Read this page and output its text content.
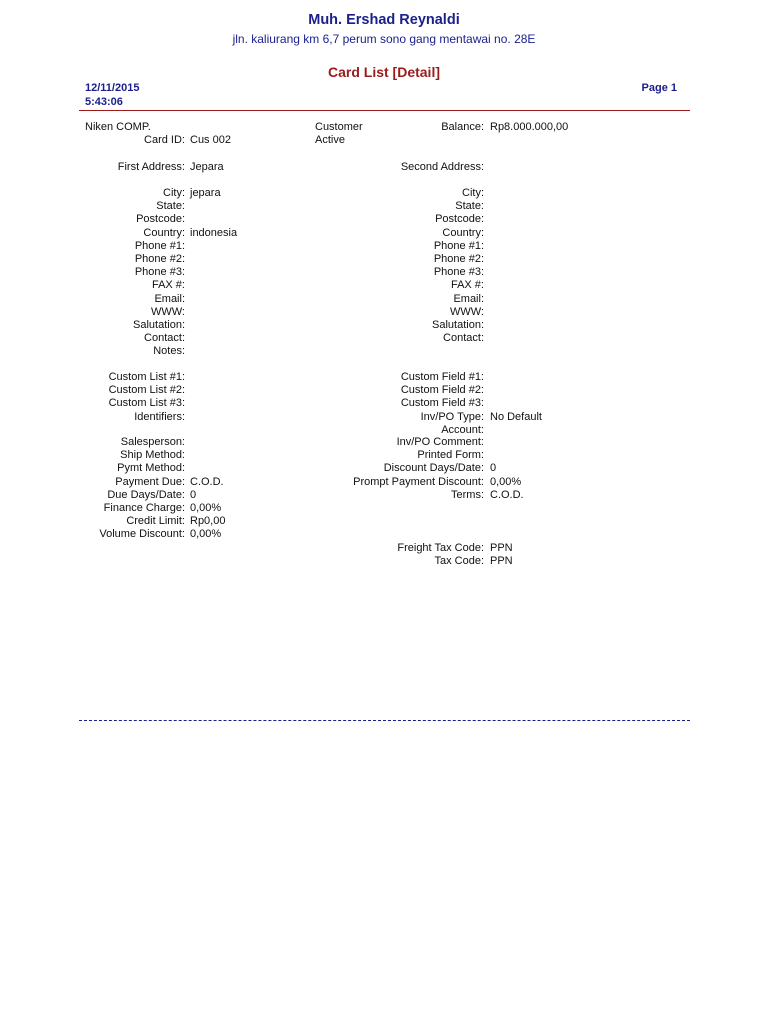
Muh. Ershad Reynaldi
jln. kaliurang km 6,7 perum sono gang mentawai no. 28E
Card List [Detail]
12/11/2015
5:43:06
Page 1
Niken COMP.
Card ID: Cus 002
Customer
Active
Balance: Rp8.000.000,00
First Address: Jepara	Second Address:
City: jepara
State:
Postcode:
Country: indonesia
Phone #1:
Phone #2:
Phone #3:
FAX #:
Email:
WWW:
Salutation:
Contact:
Notes:
City:
State:
Postcode:
Country:
Phone #1:
Phone #2:
Phone #3:
FAX #:
Email:
WWW:
Salutation:
Contact:
Custom List #1:
Custom List #2:
Custom List #3:
Identifiers:
Custom Field #1:
Custom Field #2:
Custom Field #3:
Inv/PO Type: No Default
Account:
Salesperson:
Ship Method:
Pymt Method:
Payment Due: C.O.D.
Due Days/Date: 0
Finance Charge: 0,00%
Credit Limit: Rp0,00
Volume Discount: 0,00%
Inv/PO Comment:
Printed Form:
Discount Days/Date: 0
Prompt Payment Discount: 0,00%
Terms: C.O.D.
Freight Tax Code: PPN
Tax Code: PPN
